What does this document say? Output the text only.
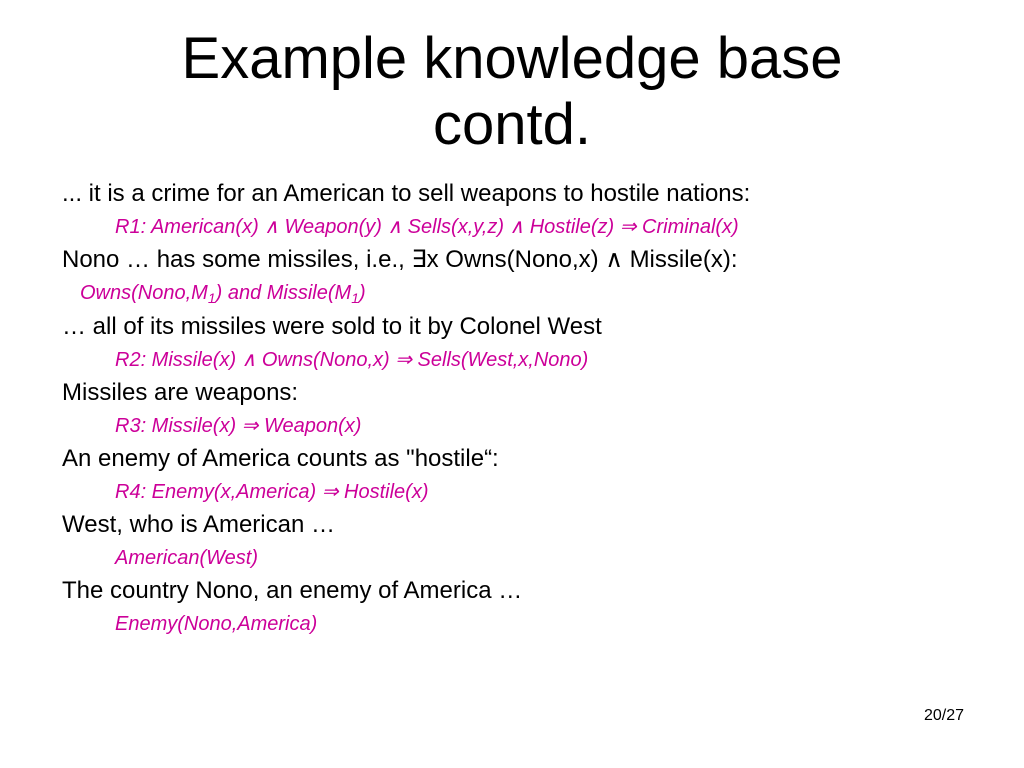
Example knowledge base
contd.
... it is a crime for an American to sell weapons to hostile nations:
R1: American(x) ∧ Weapon(y) ∧ Sells(x,y,z) ∧ Hostile(z) ⇒ Criminal(x)
Nono … has some missiles, i.e., ∃x Owns(Nono,x) ∧ Missile(x):
$Owns(Nono,M_1)$ and $Missile(M_1)$
… all of its missiles were sold to it by Colonel West
R2: Missile(x) ∧ Owns(Nono,x) ⇒ Sells(West,x,Nono)
Missiles are weapons:
R3: Missile(x) ⇒ Weapon(x)
An enemy of America counts as "hostile“:
R4: Enemy(x,America) ⇒ Hostile(x)
West, who is American …
American(West)
The country Nono, an enemy of America …
Enemy(Nono,America)
20/27
